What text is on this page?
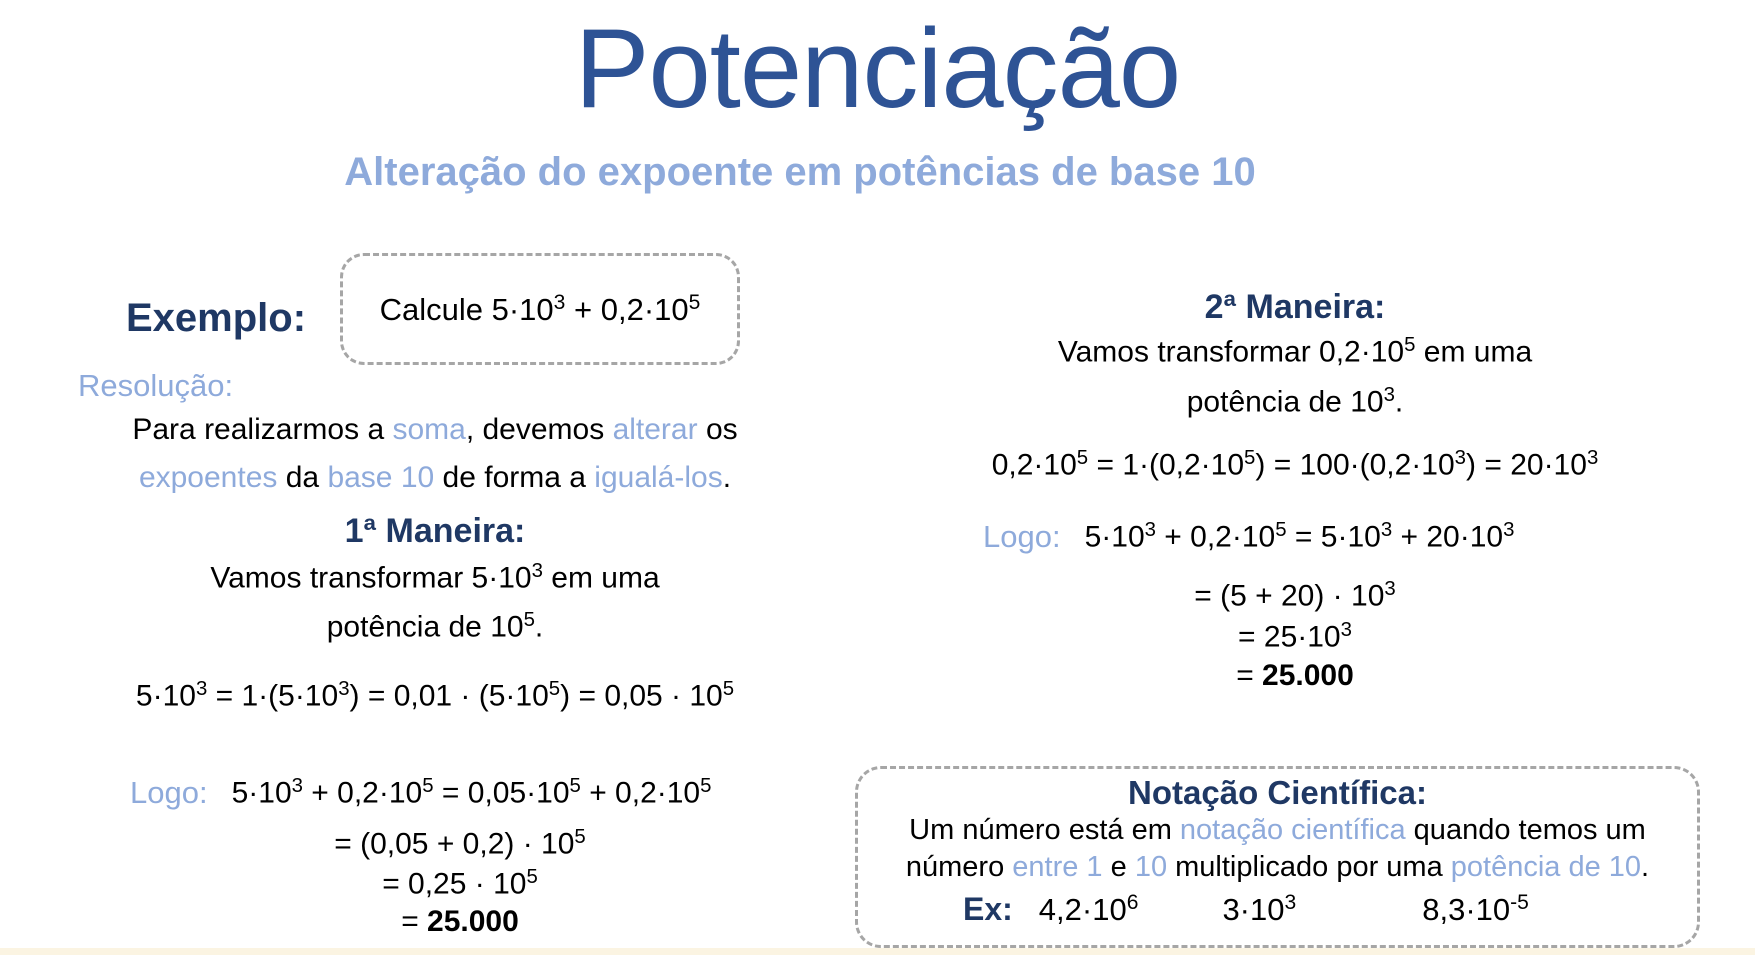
Potenciação
Alteração do expoente em potências de base 10
Exemplo: Calcule $5\cdot 10^3 + 0,2\cdot 10^5$
Resolução:
Para realizarmos a soma, devemos alterar os
expoentes da base 10 de forma a igualá-los.
1ª Maneira:
Vamos transformar $5\cdot 10^3$ em uma
potência de $10^5$.
$5\cdot 10^3 = 1\cdot(5\cdot 10^3) = 0,01 \cdot (5\cdot 10^5) = 0,05 \cdot 10^5$
Logo: $5\cdot 10^3 + 0,2\cdot 10^5 = 0,05\cdot 10^5 + 0,2\cdot 10^5$
= $(0,05 + 0,2) \cdot 10^5$
= $0,25 \cdot 10^5$
= 25.000
2ª Maneira:
Vamos transformar $0,2\cdot 10^5$ em uma
potência de $10^3$.
$0,2\cdot 10^5 = 1\cdot(0,2\cdot 10^5) = 100\cdot(0,2\cdot 10^3) = 20\cdot 10^3$
Logo: $5\cdot 10^3 + 0,2\cdot 10^5 = 5\cdot 10^3 + 20\cdot 10^3$
= $(5 + 20) \cdot 10^3$
= $25\cdot 10^3$
= 25.000
Notação Científica:
Um número está em notação científica quando temos um
número entre 1 e 10 multiplicado por uma potência de 10.
Ex: $4,2\cdot 10^6$	$3\cdot 10^3$	$8,3\cdot 10^{-5}$
